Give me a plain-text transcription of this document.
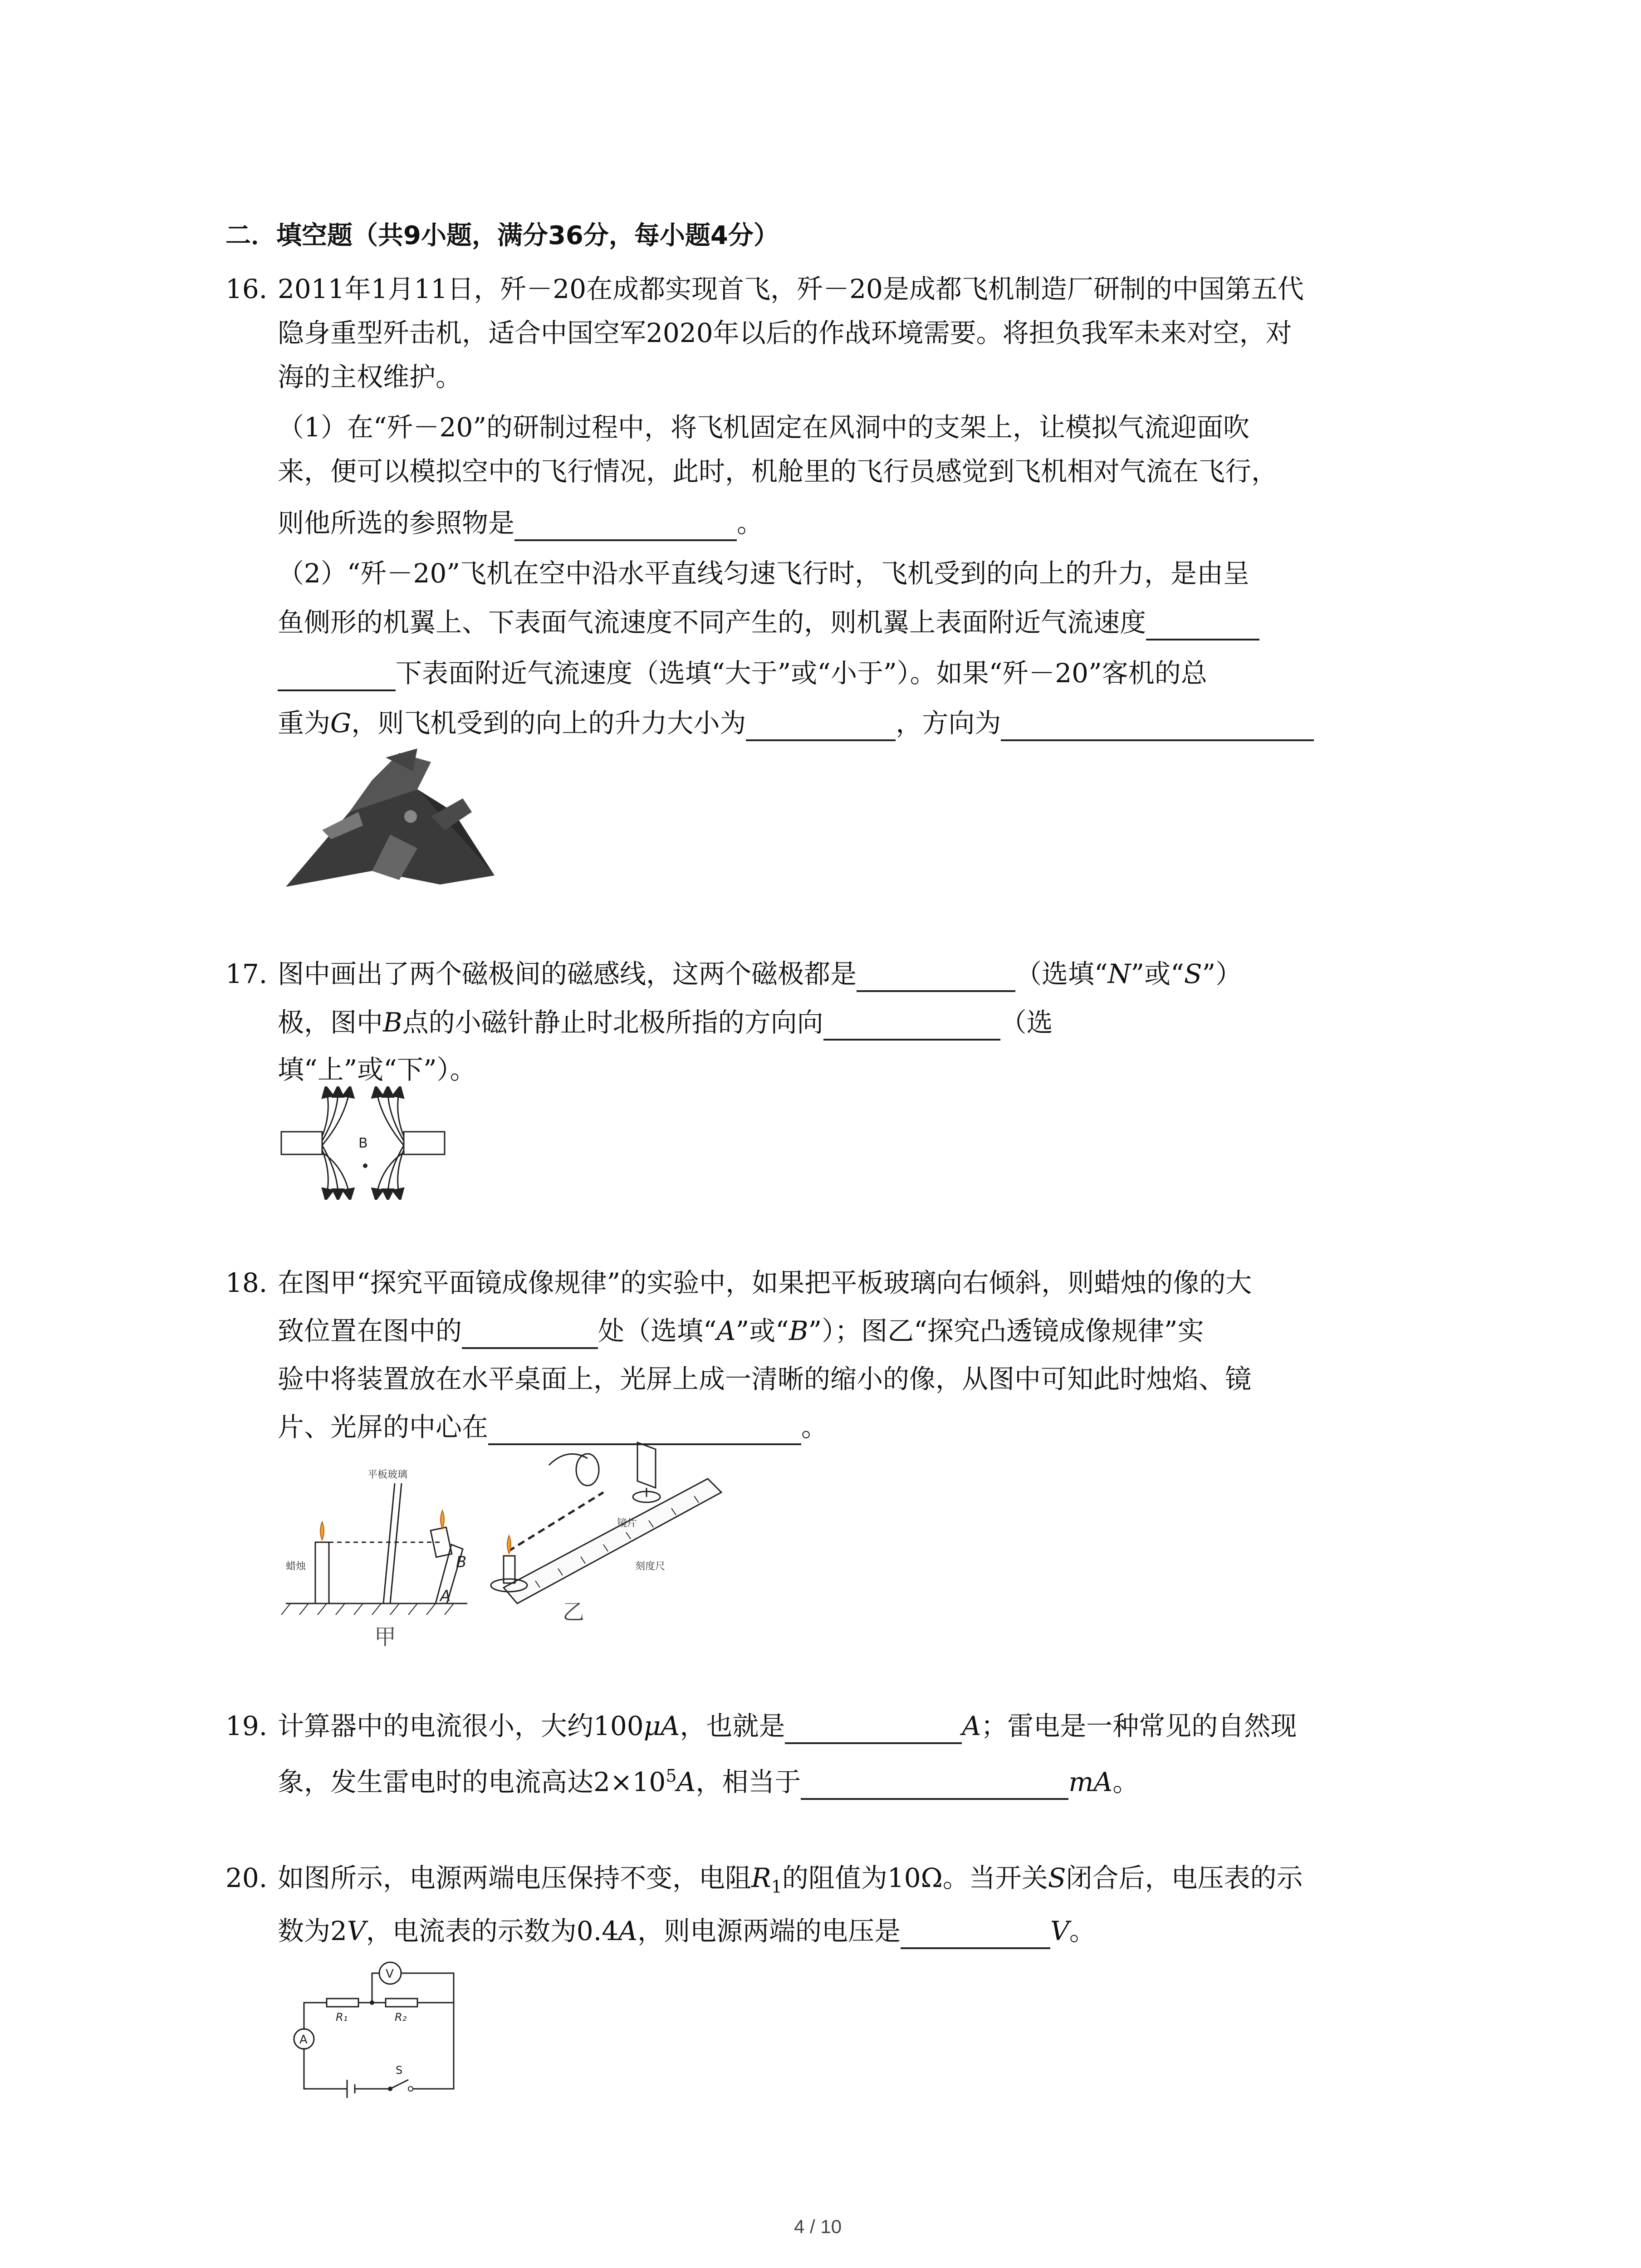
二．填空题（共9小题，满分36分，每小题4分）
16. 2011年1月11日，歼－20在成都实现首飞，歼－20是成都飞机制造厂研制的中国第五代
隐身重型歼击机，适合中国空军2020年以后的作战环境需要。将担负我军未来对空，对
海的主权维护。
（1）在“歼－20”的研制过程中，将飞机固定在风洞中的支架上，让模拟气流迎面吹
来，便可以模拟空中的飞行情况，此时，机舱里的飞行员感觉到飞机相对气流在飞行，
则他所选的参照物是	。
（2）“歼－20”飞机在空中沿水平直线匀速飞行时，飞机受到的向上的升力，是由呈
鱼侧形的机翼上、下表面气流速度不同产生的，则机翼上表面附近气流速度
下表面附近气流速度（选填“大于”或“小于”）。如果“歼－20”客机的总
重为G，则飞机受到的向上的升力大小为	，方向为
17. 图中画出了两个磁极间的磁感线，这两个磁极都是	（选填“N”或“S”）
极，图中B点的小磁针静止时北极所指的方向向	（选
填“上”或“下”）。
B
18. 在图甲“探究平面镜成像规律”的实验中，如果把平板玻璃向右倾斜，则蜡烛的像的大
致位置在图中的	处（选填“A”或“B”）；图乙“探究凸透镜成像规律”实
验中将装置放在水平桌面上，光屏上成一清晰的缩小的像，从图中可知此时烛焰、镜
片、光屏的中心在	。
平板玻璃
蜡烛
A
B
甲
镜片
刻度尺
乙
19. 计算器中的电流很小，大约100μA，也就是	A；雷电是一种常见的自然现
象，发生雷电时的电流高达$2\times 10^5A$，相当于	mA。
20. 如图所示，电源两端电压保持不变，电阻$R_1$的阻值为10Ω。当开关S闭合后，电压表的示
数为2V，电流表的示数为0.4A，则电源两端的电压是	V。
V
A
R₁	R₂
S
4 / 10
